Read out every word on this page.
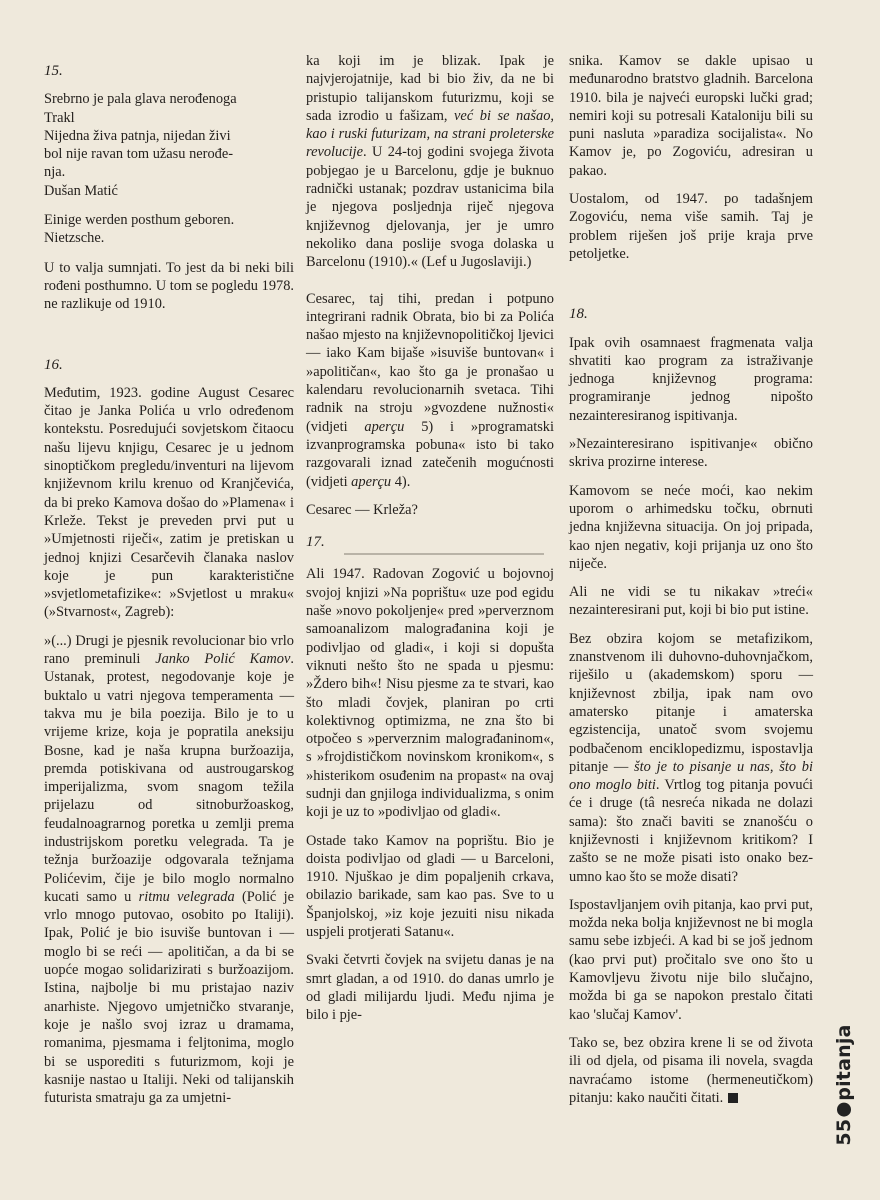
15.
Srebrno je pala glava nerođenoga
Trakl
Nijedna živa patnja, nijedan živi
bol nije ravan tom užasu nerođe-
nja.
Dušan Matić
Einige werden posthum geboren.
Nietzsche.
U to valja sumnjati. To jest da bi neki bili rođeni posthumno. U tom se pogledu 1978. ne razlikuje od 1910.
16.
Međutim, 1923. godine August Cesarec čitao je Janka Polića u vrlo određenom kontekstu. Posredujući sovjetskom čitaocu našu lijevu knjigu, Cesarec je u jednom sinoptičkom pregledu/inventuri na lijevom književnom krilu krenuo od Kranjčevića, da bi preko Kamova došao do »Plamena« i Krleže. Tekst je preveden prvi put u »Umjetnosti riječi«, zatim je pretiskan u jednoj knjizi Cesarčevih članaka naslov koje je pun karakterističnе »svjetlometafizike«: »Svjetlost u mraku« (»Stvarnost«, Zagreb):
»(...) Drugi je pjesnik revolucionar bio vrlo rano preminuli Janko Polić Kamov. Ustanak, protest, negodovanje koje je buktalo u vatri njegova temperamenta — takva mu je bila poezija. Bilo je to u vrijeme krize, koja je popratila aneksiju Bosne, kad je naša krupna buržoazija, premda potiskivana od austrougarskog imperijalizma, svom snagom težila prijelazu od sitnoburžoaskog, feudalnoagrarnog poretka u zemlji prema industrijskom poretku velegrada. Ta je težnja buržoazije odgovarala težnjama Polićevim, čije je bilo moglo normalno kucati samo u ritmu velegrada (Polić je vrlo mnogo putovao, osobito po Italiji). Ipak, Polić je bio isuviše buntovan i — moglo bi se reći — apolitičan, a da bi se uopće mogao solidarizirati s buržoazijom. Istina, najbolje bi mu pristajao naziv anarhiste. Njegovo umjetničko stvaranje, koje je našlo svoj izraz u dramama, romanima, pjesmama i feljtonima, moglo bi se usporediti s futurizmom, koji je kasnije nastao u Italiji. Neki od talijanskih futurista smatraju ga za umjetni-
ka koji im je blizak. Ipak je najvjerojatnije, kad bi bio živ, da ne bi pristupio talijanskom futurizmu, koji se sada izrodio u fašizam, već bi se našao, kao i ruski futurizam, na strani proleterske revolucije. U 24-toj godini svojega života pobjegao je u Barcelonu, gdje je buknuo radnički ustanak; pozdrav ustanicima bila je njegova posljednja riječ njegova književnog djelovanja, jer je umro nekoliko dana poslije svoga dolaska u Barcelonu (1910).« (Lef u Jugoslaviji.)
Cesarec, taj tihi, predan i potpuno integrirani radnik Obrata, bio bi za Polića našao mjesto na književnopolitičkoj ljevici — iako Kam bijaše »isuviše buntovan« i »apolitičan«, kao što ga je pronašao u kalendaru revolucionarnih svetaca. Tihi radnik na stroju »gvozdene nužnosti« (vidjeti aperçu 5) i »programatski izvanprogramska pobuna« isto bi tako razgovarali iznad zatečenih mogućnosti (vidjeti aperçu 4).
Cesarec — Krleža?
17.
Ali 1947. Radovan Zogović u bojovnoj svojoj knjizi »Na poprištu« uze pod egidu naše »novo pokoljenje« pred »perverznom samoanalizom malograđanina koji je podivljao od gladi«, i koji si dopušta viknuti nešto što ne spada u pjesmu: »Ždero bih«! Nisu pjesme za te stvari, kao što mladi čovjek, planiran po crti kolektivnog optimizma, ne zna što bi otpočeo s »perverznim malograđaninom«, s »frojdističkom novinskom kronikom«, s »histerikom osuđenim na propast« na ovaj sudnji dan gnjiloga individualizma, s onim koji je uz to »podivljao od gladi«.
Ostade tako Kamov na poprištu. Bio je doista podivljao od gladi — u Barceloni, 1910. Njuškao je dim popaljenih crkava, obilazio barikade, sam kao pas. Sve to u Španjolskoj, »iz koje jezuiti nisu nikada uspjeli protjerati Satanu«.
Svaki četvrti čovjek na svijetu danas je na smrt gladan, a od 1910. do danas umrlo je od gladi milijardu ljudi. Među njima je bilo i pje-
snika. Kamov se dakle upisao u međunarodno bratstvo gladnih. Barcelona 1910. bila je najveći europski lučki grad; nemiri koji su potresali Kataloniju bili su puni nasluta »paradiza socijalista«. No Kamov je, po Zogoviću, adresiran u pakao.
Uostalom, od 1947. po tadašnjem Zogoviću, nema više samih. Taj je problem riješen još prije kraja prve petoljetke.
18.
Ipak ovih osamnaest fragmenata valja shvatiti kao program za istraživanje jednoga književnog programa: programiranje jednog nipošto nezainteresiranog ispitivanja.
»Nezainteresirano ispitivanje« obično skriva prozirne interese.
Kamovom se neće moći, kao nekim uporom o arhimedsku točku, obrnuti jedna književna situacija. On joj pripada, kao njen negativ, koji prijanja uz ono što niječe.
Ali ne vidi se tu nikakav »treći« nezainteresirani put, koji bi bio put istine.
Bez obzira kojom se metafizikom, znanstvenom ili duhovno-duhovnjačkom, riješilo u (akademskom) sporu — književnost zbilja, ipak nam ovo amatersko pitanje i amaterska egzistencija, unatoč svom svojemu podbačenom enciklopedizmu, ispostavlja pitanje — što je to pisanje u nas, što bi ono moglo biti. Vrtlog tog pitanja povući će i druge (tâ nesreća nikada ne dolazi sama): što znači baviti se znanošću o književnosti i književnom kritikom? I zašto se ne može pisati isto onako bez-umno kao što se može disati?
Ispostavljanjem ovih pitanja, kao prvi put, možda neka bolja književnost ne bi mogla samu sebe izbjeći. A kad bi se još jednom (kao prvi put) pročitalo sve ono što u Kamovljevu životu nije bilo slučajno, možda bi ga se napokon prestalo čitati kao 'slučaj Kamov'.
Tako se, bez obzira krene li se od života ili od djela, od pisama ili novela, svagda navraćamo istome (hermeneutičkom) pitanju: kako naučiti čitati.
55pitanja
